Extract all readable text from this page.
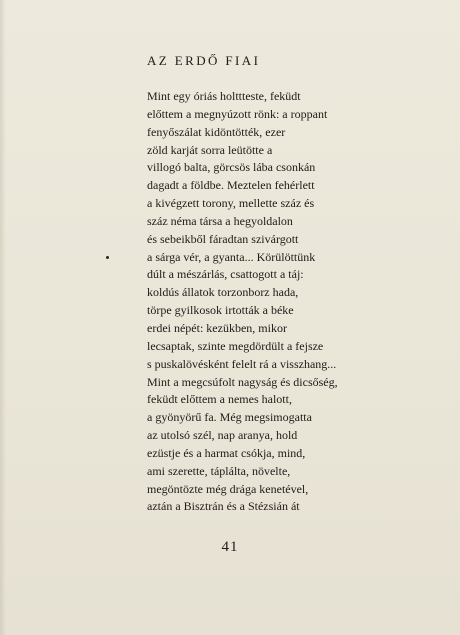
AZ ERDŐ FIAI
Mint egy óriás holttteste, feküdt
előttem a megnyúzott rönk: a roppant
fenyőszálat kidöntötték, ezer
zöld karját sorra leütötte a
villogó balta, görcsös lába csonkán
dagadt a földbe. Meztelen fehérlett
a kivégzett torony, mellette száz és
száz néma társa a hegyoldalon
és sebeikből fáradtan szivárgott
a sárga vér, a gyanta... Körülöttünk
dúlt a mészárlás, csattogott a táj:
koldús állatok torzonborz hada,
törpe gyilkosok irtották a béke
erdei népét: kezükben, mikor
lecsaptak, szinte megdördült a fejsze
s puskalövésként felelt rá a visszhang...
Mint a megcsúfolt nagyság és dicsőség,
feküdt előttem a nemes halott,
a gyönyörű fa. Még megsimogatta
az utolsó szél, nap aranya, hold
ezüstje és a harmat csókja, mind,
ami szerette, táplálta, növelte,
megöntözte még drága kenetével,
aztán a Bisztrán és a Stézsián át
41
